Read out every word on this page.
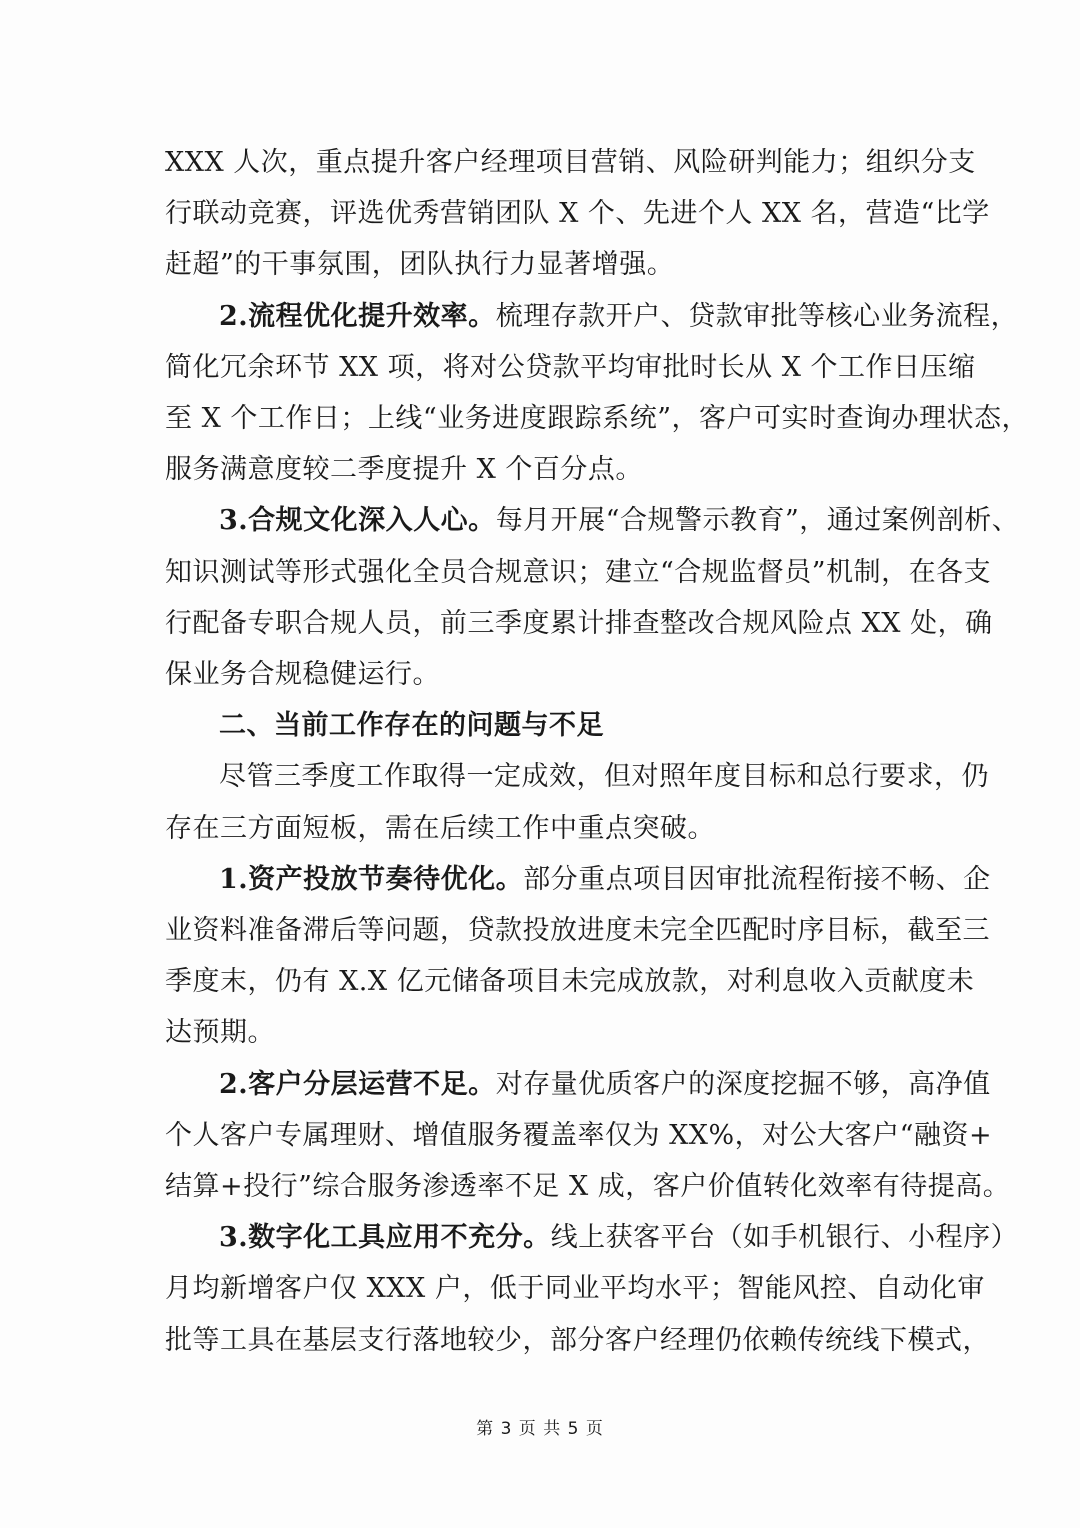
XXX 人次，重点提升客户经理项目营销、风险研判能力；组织分支
行联动竞赛，评选优秀营销团队 X 个、先进个人 XX 名，营造“比学
赶超”的干事氛围，团队执行力显著增强。

2.流程优化提升效率。梳理存款开户、贷款审批等核心业务流程，
简化冗余环节 XX 项，将对公贷款平均审批时长从 X 个工作日压缩
至 X 个工作日；上线“业务进度跟踪系统”，客户可实时查询办理状态，
服务满意度较二季度提升 X 个百分点。

3.合规文化深入人心。每月开展“合规警示教育”，通过案例剖析、
知识测试等形式强化全员合规意识；建立“合规监督员”机制，在各支
行配备专职合规人员，前三季度累计排查整改合规风险点 XX 处，确
保业务合规稳健运行。

二、当前工作存在的问题与不足

尽管三季度工作取得一定成效，但对照年度目标和总行要求，仍
存在三方面短板，需在后续工作中重点突破。

1.资产投放节奏待优化。部分重点项目因审批流程衔接不畅、企
业资料准备滞后等问题，贷款投放进度未完全匹配时序目标，截至三
季度末，仍有 X.X 亿元储备项目未完成放款，对利息收入贡献度未
达预期。

2.客户分层运营不足。对存量优质客户的深度挖掘不够，高净值
个人客户专属理财、增值服务覆盖率仅为 XX%，对公大客户“融资+
结算+投行”综合服务渗透率不足 X 成，客户价值转化效率有待提高。

3.数字化工具应用不充分。线上获客平台（如手机银行、小程序）
月均新增客户仅 XXX 户，低于同业平均水平；智能风控、自动化审
批等工具在基层支行落地较少，部分客户经理仍依赖传统线下模式，

第 3 页 共 5 页
